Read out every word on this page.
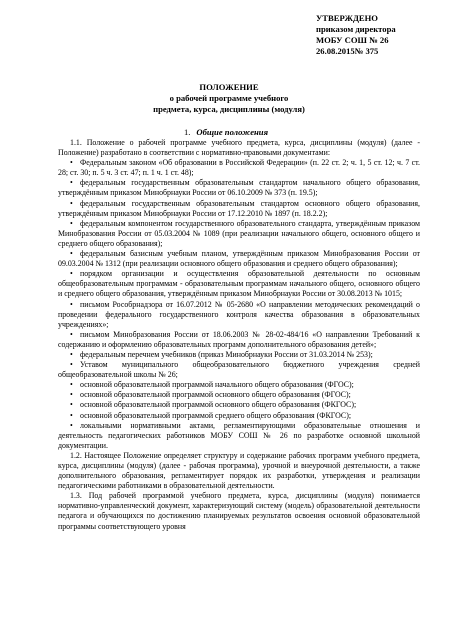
УТВЕРЖДЕНО
приказом директора
МОБУ СОШ № 26
26.08.2015№ 375
ПОЛОЖЕНИЕ
о рабочей программе учебного
предмета, курса, дисциплины (модуля)
1. Общие положения

1.1. Положение о рабочей программе учебного предмета, курса, дисциплины (модуля) (далее - Положение) разработано в соответствии с нормативно-правовыми документами:

• Федеральным законом «Об образовании в Российской Федерации» (п. 22 ст. 2; ч. 1, 5 ст. 12; ч. 7 ст. 28; ст. 30; п. 5 ч. 3 ст. 47; п. 1 ч. 1 ст. 48);
• федеральным государственным образовательным стандартом начального общего образования, утверждённым приказом Минобрнауки России от 06.10.2009 № 373 (п. 19.5);
• федеральным государственным образовательным стандартом основного общего образования, утверждённым приказом Минобрнауки России от 17.12.2010 № 1897 (п. 18.2.2);
• федеральным компонентом государственного образовательного стандарта, утверждённым приказом Минобразования России от 05.03.2004 № 1089 (при реализации начального общего, основного общего и среднего общего образования);
• федеральным базисным учебным планом, утверждённым приказом Минобразования России от 09.03.2004 № 1312 (при реализации основного общего образования и среднего общего образования);
• порядком организации и осуществления образовательной деятельности по основным общеобразовательным программам - образовательным программам начального общего, основного общего и среднего общего образования, утверждённым приказом Минобрнауки России от 30.08.2013 № 1015;
• письмом Рособрнадзора от 16.07.2012 № 05-2680 «О направлении методических рекомендаций о проведении федерального государственного контроля качества образования в образовательных учреждениях»;
• письмом Минобразования России от 18.06.2003 № 28-02-484/16 «О направлении Требований к содержанию и оформлению образовательных программ дополнительного образования детей»;
• федеральным перечнем учебников (приказ Минобрнауки России от 31.03.2014 № 253);
• Уставом муниципального общеобразовательного бюджетного учреждения средней общеобразовательной школы № 26;
• основной образовательной программой начального общего образования (ФГОС);
• основной образовательной программой основного общего образования (ФГОС);
• основной образовательной программой основного общего образования (ФКГОС);
• основной образовательной программой среднего общего образования (ФКГОС);
• локальными нормативными актами, регламентирующими образовательные отношения и деятельность педагогических работников МОБУ СОШ № 26 по разработке основной школьной документации.

1.2. Настоящее Положение определяет структуру и содержание рабочих программ учебного предмета, курса, дисциплины (модуля) (далее - рабочая программа), урочной и внеурочной деятельности, а также дополнительного образования, регламентирует порядок их разработки, утверждения и реализации педагогическими работниками в образовательной деятельности.

1.3. Под рабочей программой учебного предмета, курса, дисциплины (модуля) понимается нормативно-управленческий документ, характеризующий систему (модель) образовательной деятельности педагога и обучающихся по достижению планируемых результатов освоения основной образовательной программы соответствующего уровня
